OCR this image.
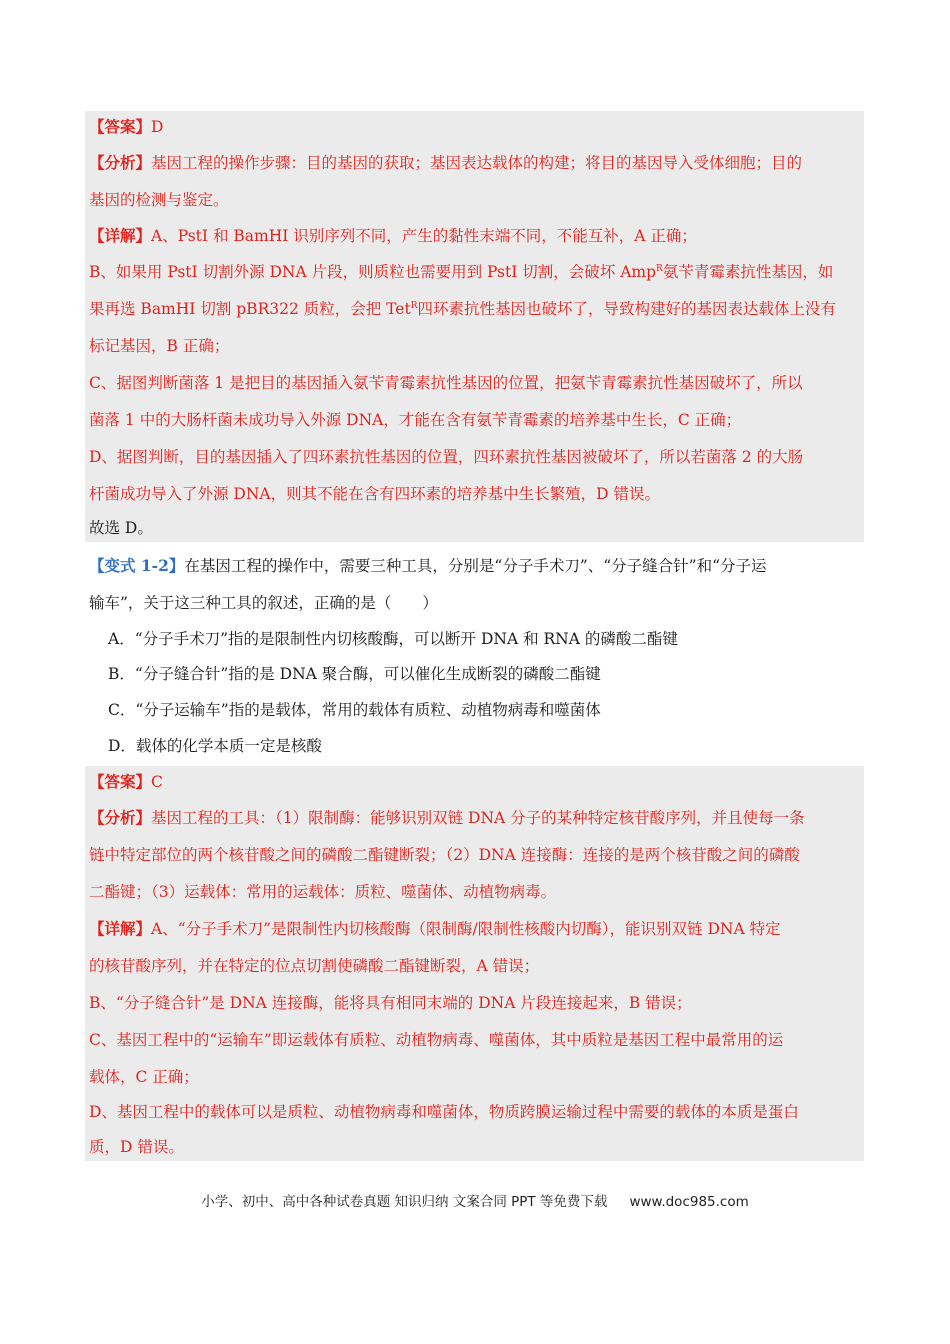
【答案】D
【分析】基因工程的操作步骤：目的基因的获取；基因表达载体的构建；将目的基因导入受体细胞；目的
基因的检测与鉴定。
【详解】A、PstI 和 BamHI 识别序列不同，产生的黏性末端不同，不能互补，A 正确；
B、如果用 PstI 切割外源 DNA 片段，则质粒也需要用到 PstI 切割，会破坏 Amp$^R$氨苄青霉素抗性基因，如
果再选 BamHI 切割 pBR322 质粒，会把 Tet$^R$四环素抗性基因也破坏了，导致构建好的基因表达载体上没有
标记基因，B 正确；
C、据图判断菌落 1 是把目的基因插入氨苄青霉素抗性基因的位置，把氨苄青霉素抗性基因破坏了，所以
菌落 1 中的大肠杆菌未成功导入外源 DNA，才能在含有氨苄青霉素的培养基中生长，C 正确；
D、据图判断，目的基因插入了四环素抗性基因的位置，四环素抗性基因被破坏了，所以若菌落 2 的大肠
杆菌成功导入了外源 DNA，则其不能在含有四环素的培养基中生长繁殖，D 错误。
故选 D。
【变式 1-2】在基因工程的操作中，需要三种工具，分别是“分子手术刀”、“分子缝合针”和“分子运
输车”，关于这三种工具的叙述，正确的是（　　）
A．“分子手术刀”指的是限制性内切核酸酶，可以断开 DNA 和 RNA 的磷酸二酯键
B．“分子缝合针”指的是 DNA 聚合酶，可以催化生成断裂的磷酸二酯键
C．“分子运输车”指的是载体，常用的载体有质粒、动植物病毒和噬菌体
D．载体的化学本质一定是核酸
【答案】C
【分析】基因工程的工具：（1）限制酶：能够识别双链 DNA 分子的某种特定核苷酸序列，并且使每一条
链中特定部位的两个核苷酸之间的磷酸二酯键断裂；（2）DNA 连接酶：连接的是两个核苷酸之间的磷酸
二酯键；（3）运载体：常用的运载体：质粒、噬菌体、动植物病毒。
【详解】A、“分子手术刀”是限制性内切核酸酶（限制酶/限制性核酸内切酶），能识别双链 DNA 特定
的核苷酸序列，并在特定的位点切割使磷酸二酯键断裂，A 错误；
B、“分子缝合针”是 DNA 连接酶，能将具有相同末端的 DNA 片段连接起来，B 错误；
C、基因工程中的“运输车”即运载体有质粒、动植物病毒、噬菌体，其中质粒是基因工程中最常用的运
载体，C 正确；
D、基因工程中的载体可以是质粒、动植物病毒和噬菌体，物质跨膜运输过程中需要的载体的本质是蛋白
质，D 错误。
小学、初中、高中各种试卷真题 知识归纳 文案合同 PPT 等免费下载 www.doc985.com
